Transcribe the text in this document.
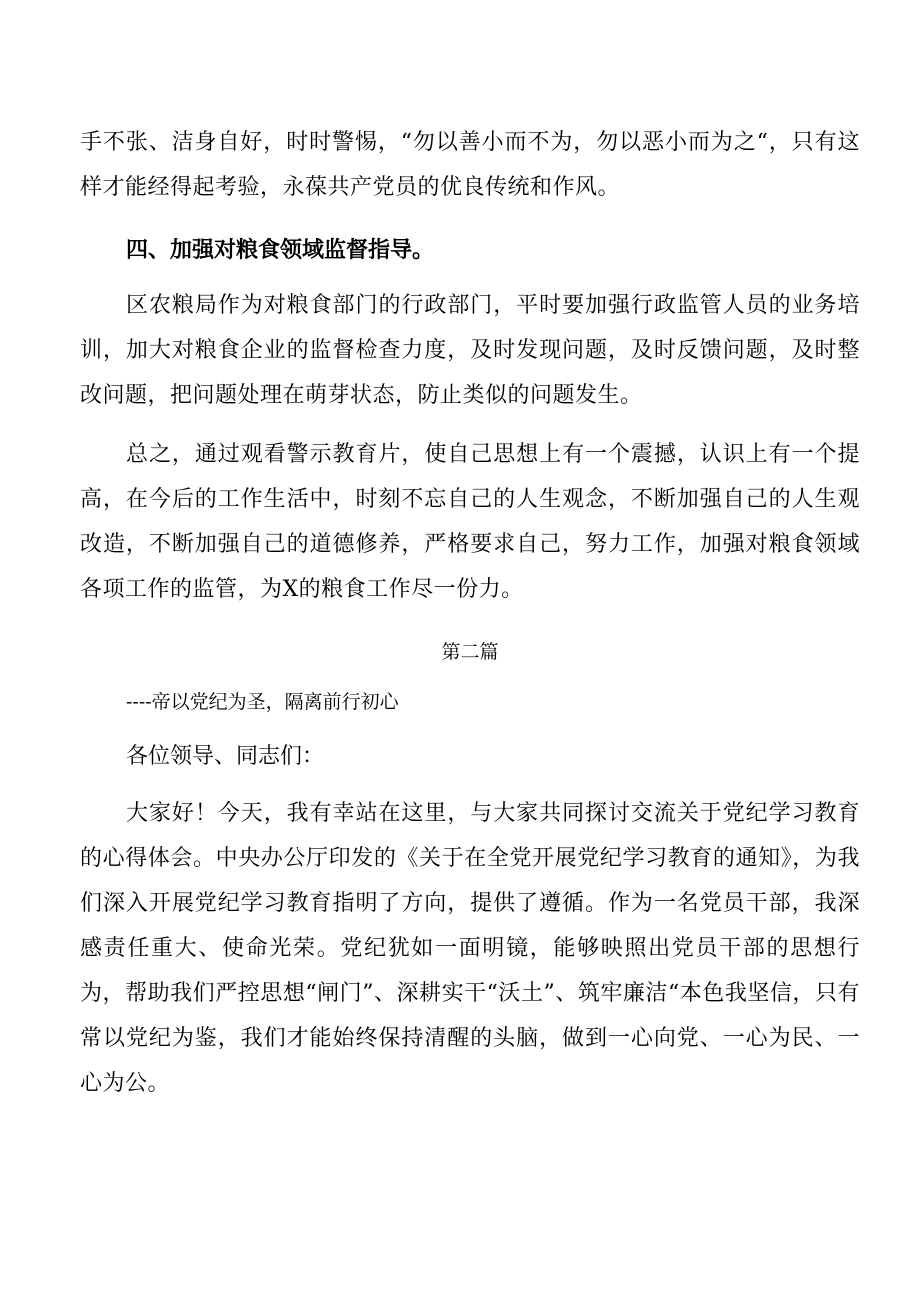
手不张、洁身自好，时时警惕，“勿以善小而不为，勿以恶小而为之“，只有这样才能经得起考验，永葆共产党员的优良传统和作风。

四、加强对粮食领域监督指导。

区农粮局作为对粮食部门的行政部门，平时要加强行政监管人员的业务培训，加大对粮食企业的监督检查力度，及时发现问题，及时反馈问题，及时整改问题，把问题处理在萌芽状态，防止类似的问题发生。

总之，通过观看警示教育片，使自己思想上有一个震撼，认识上有一个提高，在今后的工作生活中，时刻不忘自己的人生观念，不断加强自己的人生观改造，不断加强自己的道德修养，严格要求自己，努力工作，加强对粮食领域各项工作的监管，为X的粮食工作尽一份力。

第二篇
----帝以党纪为圣，隔离前行初心
各位领导、同志们：

大家好！今天，我有幸站在这里，与大家共同探讨交流关于党纪学习教育的心得体会。中央办公厅印发的《关于在全党开展党纪学习教育的通知》，为我们深入开展党纪学习教育指明了方向，提供了遵循。作为一名党员干部，我深感责任重大、使命光荣。党纪犹如一面明镜，能够映照出党员干部的思想行为，帮助我们严控思想“闸门”、深耕实干“沃土”、筑牢廉洁“本色我坚信，只有常以党纪为鉴，我们才能始终保持清醒的头脑，做到一心向党、一心为民、一心为公。
